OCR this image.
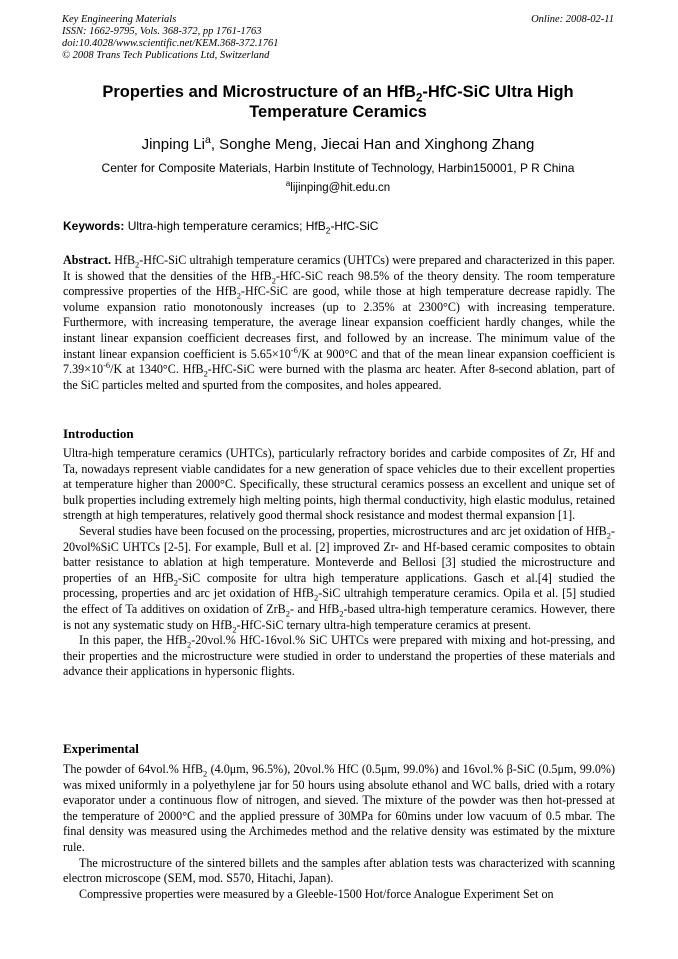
Key Engineering Materials
ISSN: 1662-9795, Vols. 368-372, pp 1761-1763
doi:10.4028/www.scientific.net/KEM.368-372.1761
© 2008 Trans Tech Publications Ltd, Switzerland
Online: 2008-02-11
Properties and Microstructure of an HfB$_2$-HfC-SiC Ultra High Temperature Ceramics
Jinping Li$^a$, Songhe Meng, Jiecai Han and Xinghong Zhang
Center for Composite Materials, Harbin Institute of Technology, Harbin150001, P R China
$^a$lijinping@hit.edu.cn
Keywords: Ultra-high temperature ceramics; HfB$_2$-HfC-SiC

Abstract. HfB$_2$-HfC-SiC ultrahigh temperature ceramics (UHTCs) were prepared and characterized in this paper. It is showed that the densities of the HfB$_2$-HfC-SiC reach 98.5% of the theory density. The room temperature compressive properties of the HfB$_2$-HfC-SiC are good, while those at high temperature decrease rapidly. The volume expansion ratio monotonously increases (up to 2.35% at 2300°C) with increasing temperature. Furthermore, with increasing temperature, the average linear expansion coefficient hardly changes, while the instant linear expansion coefficient decreases first, and followed by an increase. The minimum value of the instant linear expansion coefficient is $5.65\times 10^{-6}/K$ at 900°C and that of the mean linear expansion coefficient is $7.39\times 10^{-6}/K$ at 1340°C. HfB$_2$-HfC-SiC were burned with the plasma arc heater. After 8-second ablation, part of the SiC particles melted and spurted from the composites, and holes appeared.

Introduction

Ultra-high temperature ceramics (UHTCs), particularly refractory borides and carbide composites of Zr, Hf and Ta, nowadays represent viable candidates for a new generation of space vehicles due to their excellent properties at temperature higher than 2000°C. Specifically, these structural ceramics possess an excellent and unique set of bulk properties including extremely high melting points, high thermal conductivity, high elastic modulus, retained strength at high temperatures, relatively good thermal shock resistance and modest thermal expansion [1].

Several studies have been focused on the processing, properties, microstructures and arc jet oxidation of HfB$_2$-20vol%SiC UHTCs [2-5]. For example, Bull et al. [2] improved Zr- and Hf-based ceramic composites to obtain batter resistance to ablation at high temperature. Monteverde and Bellosi [3] studied the microstructure and properties of an HfB$_2$-SiC composite for ultra high temperature applications. Gasch et al.[4] studied the processing, properties and arc jet oxidation of HfB$_2$-SiC ultrahigh temperature ceramics. Opila et al. [5] studied the effect of Ta additives on oxidation of ZrB$_2$- and HfB$_2$-based ultra-high temperature ceramics. However, there is not any systematic study on HfB$_2$-HfC-SiC ternary ultra-high temperature ceramics at present.

In this paper, the HfB$_2$-20vol.% HfC-16vol.% SiC UHTCs were prepared with mixing and hot-pressing, and their properties and the microstructure were studied in order to understand the properties of these materials and advance their applications in hypersonic flights.

Experimental

The powder of 64vol.% HfB$_2$ (4.0μm, 96.5%), 20vol.% HfC (0.5μm, 99.0%) and 16vol.% β-SiC (0.5μm, 99.0%) was mixed uniformly in a polyethylene jar for 50 hours using absolute ethanol and WC balls, dried with a rotary evaporator under a continuous flow of nitrogen, and sieved. The mixture of the powder was then hot-pressed at the temperature of 2000°C and the applied pressure of 30MPa for 60mins under low vacuum of 0.5 mbar. The final density was measured using the Archimedes method and the relative density was estimated by the mixture rule.

The microstructure of the sintered billets and the samples after ablation tests was characterized with scanning electron microscope (SEM, mod. S570, Hitachi, Japan).

Compressive properties were measured by a Gleeble-1500 Hot/force Analogue Experiment Set on
